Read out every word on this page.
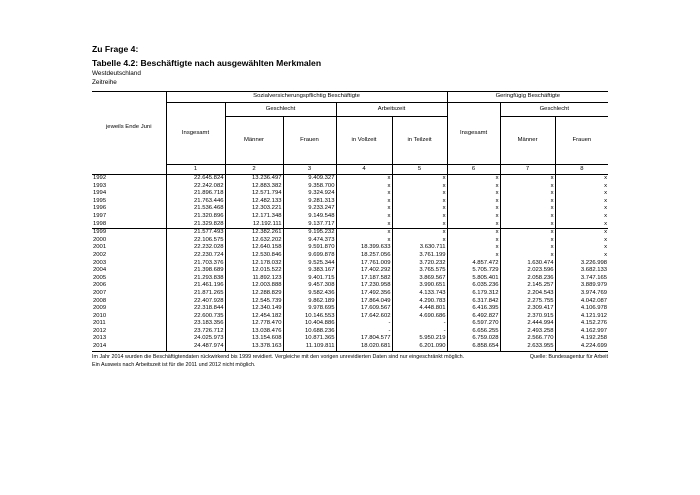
Zu Frage 4:
Tabelle 4.2: Beschäftigte nach ausgewählten Merkmalen
Westdeutschland
Zeitreihe
jeweils Ende Juni	Sozialversicherungspflichtig Beschäftigte					Geringfügig Beschäftigte		
	Insgesamt	Geschlecht		Arbeitszeit		Insgesamt	Geschlecht	
		Männer	Frauen	in Vollzeit	in Teilzeit		Männer	Frauen
	1	2	3	4	5	6	7	8
1992	22.645.824	13.236.497	9.409.327	x	x	x	x	x
1993	22.242.082	12.883.382	9.358.700	x	x	x	x	x
1994	21.896.718	12.571.794	9.324.924	x	x	x	x	x
1995	21.763.446	12.482.133	9.281.313	x	x	x	x	x
1996	21.536.468	12.303.221	9.233.247	x	x	x	x	x
1997	21.320.896	12.171.348	9.149.548	x	x	x	x	x
1998	21.329.828	12.192.111	9.137.717	x	x	x	x	x
1999	21.577.493	12.382.261	9.195.232	x	x	x	x	x
2000	22.106.575	12.632.202	9.474.373	x	x	x	x	x
2001	22.232.028	12.640.158	9.591.870	18.399.633	3.630.711	x	x	x
2002	22.230.724	12.530.846	9.699.878	18.257.056	3.761.199	x	x	x
2003	21.703.376	12.178.032	9.525.344	17.761.009	3.720.232	4.857.472	1.630.474	3.226.998
2004	21.398.689	12.015.522	9.383.167	17.402.292	3.765.575	5.705.729	2.023.596	3.682.133
2005	21.293.838	11.892.123	9.401.715	17.187.582	3.869.567	5.805.401	2.058.236	3.747.165
2006	21.461.196	12.003.888	9.457.308	17.230.958	3.990.651	6.035.236	2.145.257	3.889.979
2007	21.871.265	12.288.829	9.582.436	17.492.356	4.133.743	6.179.312	2.204.543	3.974.769
2008	22.407.928	12.545.739	9.862.189	17.864.049	4.290.783	6.317.842	2.275.755	4.042.087
2009	22.318.844	12.340.149	9.978.695	17.609.567	4.448.801	6.416.395	2.309.417	4.106.978
2010	22.600.735	12.454.182	10.146.553	17.642.602	4.690.686	6.492.827	2.370.915	4.121.912
2011	23.183.356	12.778.470	10.404.886	-	-	6.597.270	2.444.994	4.152.276
2012	23.726.712	13.038.476	10.688.236	-	-	6.656.255	2.493.258	4.162.997
2013	24.025.973	13.154.608	10.871.365	17.804.577	5.950.219	6.759.028	2.566.770	4.192.258
2014	24.487.974	13.378.163	11.109.811	18.020.681	6.201.090	6.858.654	2.633.955	4.224.699
Im Jahr 2014 wurden die Beschäftigtendaten rückwirkend bis 1999 revidiert. Vergleiche mit den vorigen unrevidierten Daten sind nur eingeschränkt möglich.
Ein Ausweis nach Arbeitszeit ist für die 2011 und 2012 nicht möglich.
Quelle: Bundesagentur für Arbeit
